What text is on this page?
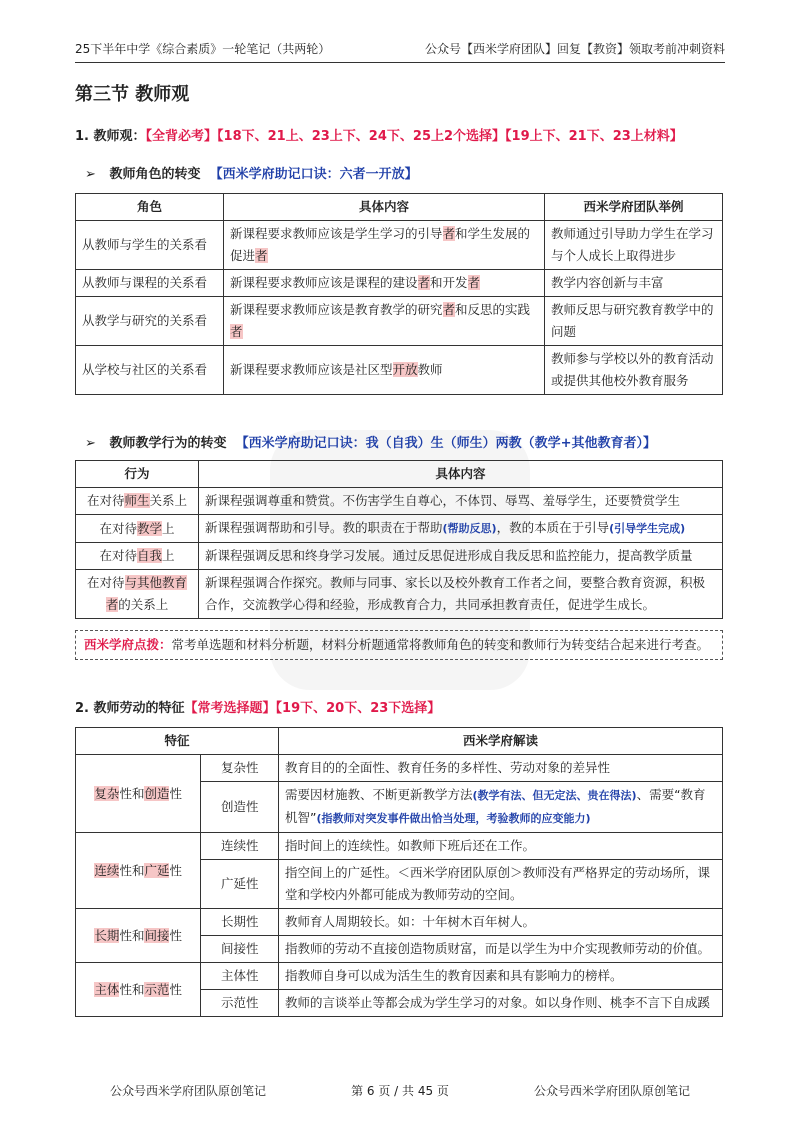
25下半年中学《综合素质》一轮笔记（共两轮）	公众号【西米学府团队】回复【教资】领取考前冲刺资料
第三节 教师观
1. 教师观：【全背必考】【18下、21上、23上下、24下、25上2个选择】【19上下、21下、23上材料】
➢ 教师角色的转变 【西米学府助记口诀：六者一开放】
角色	具体内容	西米学府团队举例
从教师与学生的关系看	新课程要求教师应该是学生学习的引导者和学生发展的促进者	教师通过引导助力学生在学习与个人成长上取得进步
从教师与课程的关系看	新课程要求教师应该是课程的建设者和开发者	教学内容创新与丰富
从教学与研究的关系看	新课程要求教师应该是教育教学的研究者和反思的实践者	教师反思与研究教育教学中的问题
从学校与社区的关系看	新课程要求教师应该是社区型开放教师	教师参与学校以外的教育活动或提供其他校外教育服务
➢ 教师教学行为的转变 【西米学府助记口诀：我（自我）生（师生）两教（教学+其他教育者）】
行为	具体内容
在对待师生关系上	新课程强调尊重和赞赏。不伤害学生自尊心，不体罚、辱骂、羞辱学生，还要赞赏学生
在对待教学上	新课程强调帮助和引导。教的职责在于帮助(帮助反思)，教的本质在于引导(引导学生完成)
在对待自我上	新课程强调反思和终身学习发展。通过反思促进形成自我反思和监控能力，提高教学质量
在对待与其他教育者的关系上	新课程强调合作探究。教师与同事、家长以及校外教育工作者之间，要整合教育资源，积极合作，交流教学心得和经验，形成教育合力，共同承担教育责任，促进学生成长。
西米学府点拨：常考单选题和材料分析题，材料分析题通常将教师角色的转变和教师行为转变结合起来进行考查。
2. 教师劳动的特征【常考选择题】【19下、20下、23下选择】
特征		西米学府解读
复杂性和创造性	复杂性	教育目的的全面性、教育任务的多样性、劳动对象的差异性
	创造性	需要因材施教、不断更新教学方法(教学有法、但无定法、贵在得法)、需要“教育机智”(指教师对突发事件做出恰当处理，考验教师的应变能力)
连续性和广延性	连续性	指时间上的连续性。如教师下班后还在工作。
	广延性	指空间上的广延性。＜西米学府团队原创＞教师没有严格界定的劳动场所，课堂和学校内外都可能成为教师劳动的空间。
长期性和间接性	长期性	教师育人周期较长。如：十年树木百年树人。
	间接性	指教师的劳动不直接创造物质财富，而是以学生为中介实现教师劳动的价值。
主体性和示范性	主体性	指教师自身可以成为活生生的教育因素和具有影响力的榜样。
	示范性	教师的言谈举止等都会成为学生学习的对象。如以身作则、桃李不言下自成蹊
公众号西米学府团队原创笔记	第 6 页 / 共 45 页	公众号西米学府团队原创笔记
